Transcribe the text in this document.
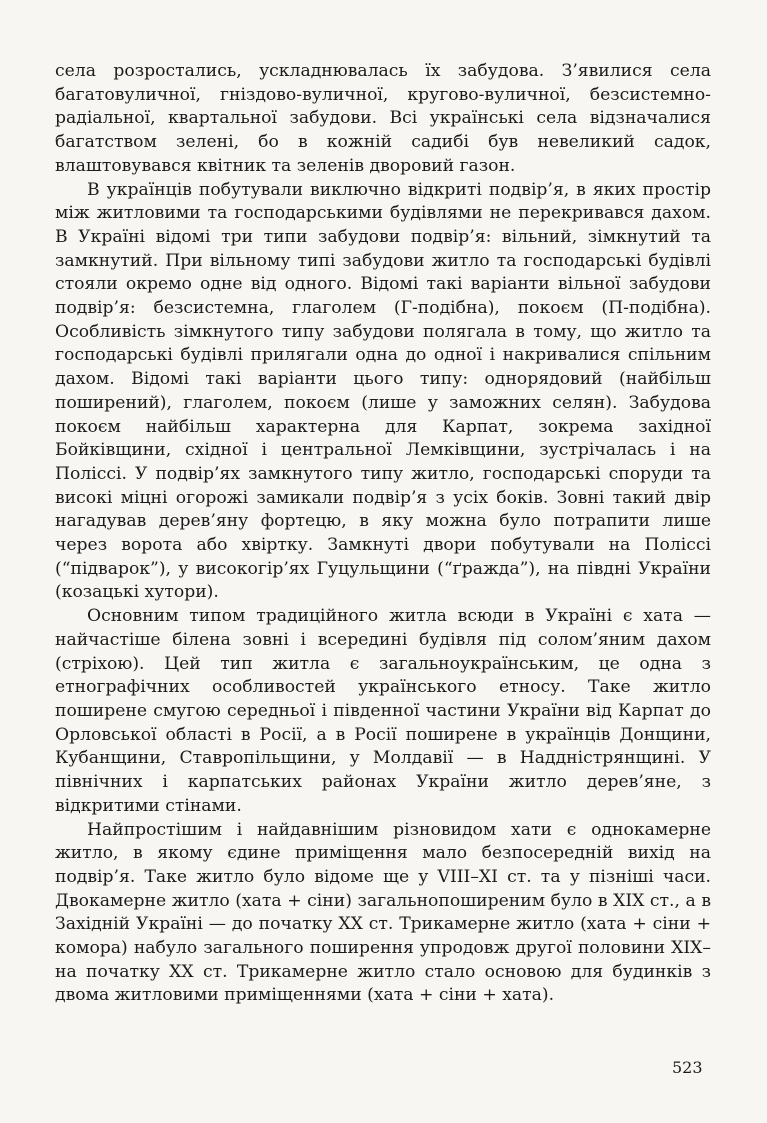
села розростались, ускладнювалась їх забудова. З’явилися села багатовуличної, гніздово-вуличної, кругово-вуличної, безсистемно-радіальної, квартальної забудови. Всі українські села відзначалися багатством зелені, бо в кожній садибі був невеликий садок, влаштовувався квітник та зеленів дворовий газон.

В українців побутували виключно відкриті подвір’я, в яких простір між житловими та господарськими будівлями не перекривався дахом. В Україні відомі три типи забудови подвір’я: вільний, зімкнутий та замкнутий. При вільному типі забудови житло та господарські будівлі стояли окремо одне від одного. Відомі такі варіанти вільної забудови подвір’я: безсистемна, глаголем (Г-подібна), покоєм (П-подібна). Особливість зімкнутого типу забудови полягала в тому, що житло та господарські будівлі прилягали одна до одної і накривалися спільним дахом. Відомі такі варіанти цього типу: однорядовий (найбільш поширений), глаголем, покоєм (лише у заможних селян). Забудова покоєм найбільш характерна для Карпат, зокрема західної Бойківщини, східної і центральної Лемківщини, зустрічалась і на Поліссі. У подвір’ях замкнутого типу житло, господарські споруди та високі міцні огорожі замикали подвір’я з усіх боків. Зовні такий двір нагадував дерев’яну фортецю, в яку можна було потрапити лише через ворота або хвіртку. Замкнуті двори побутували на Поліссі (“підварок”), у високогір’ях Гуцульщини (“ґражда”), на півдні України (козацькі хутори).

Основним типом традиційного житла всюди в Україні є хата — найчастіше білена зовні і всередині будівля під солом’яним дахом (стріхою). Цей тип житла є загальноукраїнським, це одна з етнографічних особливостей українського етносу. Таке житло поширене смугою середньої і південної частини України від Карпат до Орловської області в Росії, а в Росії поширене в українців Донщини, Кубанщини, Ставропільщини, у Молдавії — в Наддністрянщині. У північних і карпатських районах України житло дерев’яне, з відкритими стінами.

Найпростішим і найдавнішим різновидом хати є однокамерне житло, в якому єдине приміщення мало безпосередній вихід на подвір’я. Таке житло було відоме ще у VIII–XI ст. та у пізніші часи. Двокамерне житло (хата + сіни) загальнопоширеним було в XIX ст., а в Західній Україні — до початку XX ст. Трикамерне житло (хата + сіни + комора) набуло загального поширення упродовж другої половини XIX–на початку XX ст. Трикамерне житло стало основою для будинків з двома житловими приміщеннями (хата + сіни + хата).

523
